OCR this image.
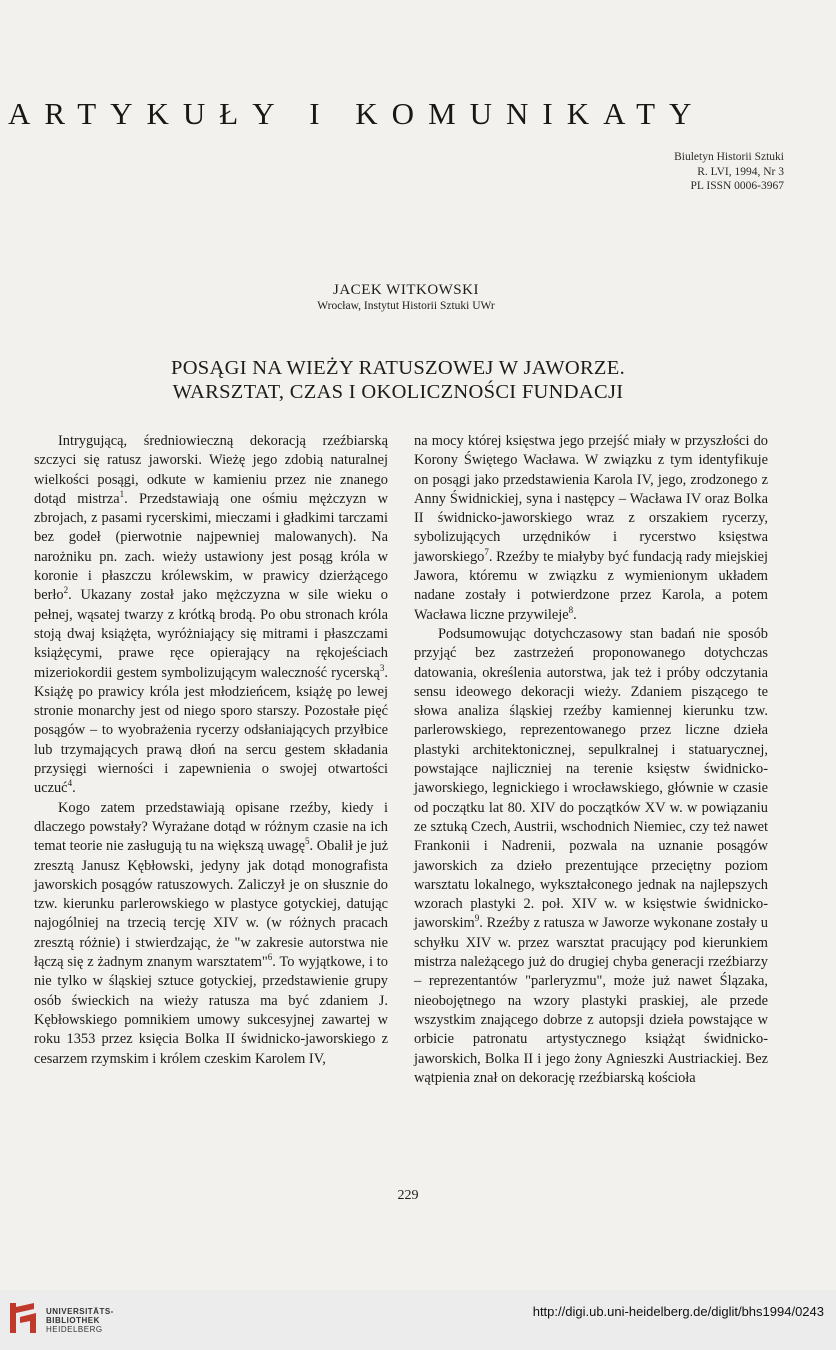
ARTYKUŁY I KOMUNIKATY
Biuletyn Historii Sztuki
R. LVI, 1994, Nr 3
PL ISSN 0006-3967
JACEK WITKOWSKI
Wrocław, Instytut Historii Sztuki UWr
POSĄGI NA WIEŻY RATUSZOWEJ W JAWORZE.
WARSZTAT, CZAS I OKOLICZNOŚCI FUNDACJI

Intrygującą, średniowieczną dekoracją rzeźbiarską szczyci się ratusz jaworski. Wieżę jego zdobią naturalnej wielkości posągi, odkute w kamieniu przez nie znanego dotąd mistrza$^1$. Przedstawiają one ośmiu mężczyzn w zbrojach, z pasami rycerskimi, mieczami i gładkimi tarczami bez godeł (pierwotnie najpewniej malowanych). Na narożniku pn. zach. wieży ustawiony jest posąg króla w koronie i płaszczu królewskim, w prawicy dzierżącego berło$^2$. Ukazany został jako mężczyzna w sile wieku o pełnej, wąsatej twarzy z krótką brodą. Po obu stronach króla stoją dwaj książęta, wyróżniający się mitrami i płaszczami książęcymi, prawe ręce opierający na rękojeściach mizeriokordii gestem symbolizującym waleczność rycerską$^3$. Książę po prawicy króla jest młodzieńcem, książę po lewej stronie monarchy jest od niego sporo starszy. Pozostałe pięć posągów – to wyobrażenia rycerzy odsłaniających przyłbice lub trzymających prawą dłoń na sercu gestem składania przysięgi wierności i zapewnienia o swojej otwartości uczuć$^4$.

Kogo zatem przedstawiają opisane rzeźby, kiedy i dlaczego powstały? Wyrażane dotąd w różnym czasie na ich temat teorie nie zasługują tu na większą uwagę$^5$. Obalił je już zresztą Janusz Kębłowski, jedyny jak dotąd monografista jaworskich posągów ratuszowych. Zaliczył je on słusznie do tzw. kierunku parlerowskiego w plastyce gotyckiej, datując najogólniej na trzecią tercję XIV w. (w różnych pracach zresztą różnie) i stwierdzając, że "w zakresie autorstwa nie łączą się z żadnym znanym warsztatem"$^6$. To wyjątkowe, i to nie tylko w śląskiej sztuce gotyckiej, przedstawienie grupy osób świeckich na wieży ratusza ma być zdaniem J. Kębłowskiego pomnikiem umowy sukcesyjnej zawartej w roku 1353 przez księcia Bolka II świdnicko-jaworskiego z cesarzem rzymskim i królem czeskim Karolem IV,

na mocy której księstwa jego przejść miały w przyszłości do Korony Świętego Wacława. W związku z tym identyfikuje on posągi jako przedstawienia Karola IV, jego, zrodzonego z Anny Świdnickiej, syna i następcy – Wacława IV oraz Bolka II świdnicko-jaworskiego wraz z orszakiem rycerzy, sybolizujących urzędników i rycerstwo księstwa jaworskiego$^7$. Rzeźby te miałyby być fundacją rady miejskiej Jawora, któremu w związku z wymienionym układem nadane zostały i potwierdzone przez Karola, a potem Wacława liczne przywileje$^8$.

Podsumowując dotychczasowy stan badań nie sposób przyjąć bez zastrzeżeń proponowanego dotychczas datowania, określenia autorstwa, jak też i próby odczytania sensu ideowego dekoracji wieży. Zdaniem piszącego te słowa analiza śląskiej rzeźby kamiennej kierunku tzw. parlerowskiego, reprezentowanego przez liczne dzieła plastyki architektonicznej, sepulkralnej i statuarycznej, powstające najliczniej na terenie księstw świdnicko-jaworskiego, legnickiego i wrocławskiego, głównie w czasie od początku lat 80. XIV do początków XV w. w powiązaniu ze sztuką Czech, Austrii, wschodnich Niemiec, czy też nawet Frankonii i Nadrenii, pozwala na uznanie posągów jaworskich za dzieło prezentujące przeciętny poziom warsztatu lokalnego, wykształconego jednak na najlepszych wzorach plastyki 2. poł. XIV w. w księstwie świdnicko-jaworskim$^9$. Rzeźby z ratusza w Jaworze wykonane zostały u schyłku XIV w. przez warsztat pracujący pod kierunkiem mistrza należącego już do drugiej chyba generacji rzeźbiarzy – reprezentantów "parleryzmu", może już nawet Ślązaka, nieobojętnego na wzory plastyki praskiej, ale przede wszystkim znającego dobrze z autopsji dzieła powstające w orbicie patronatu artystycznego książąt świdnicko-jaworskich, Bolka II i jego żony Agnieszki Austriackiej. Bez wątpienia znał on dekorację rzeźbiarską kościoła

229
UNIVERSITÄTS-
BIBLIOTHEK
HEIDELBERG
http://digi.ub.uni-heidelberg.de/diglit/bhs1994/0243
